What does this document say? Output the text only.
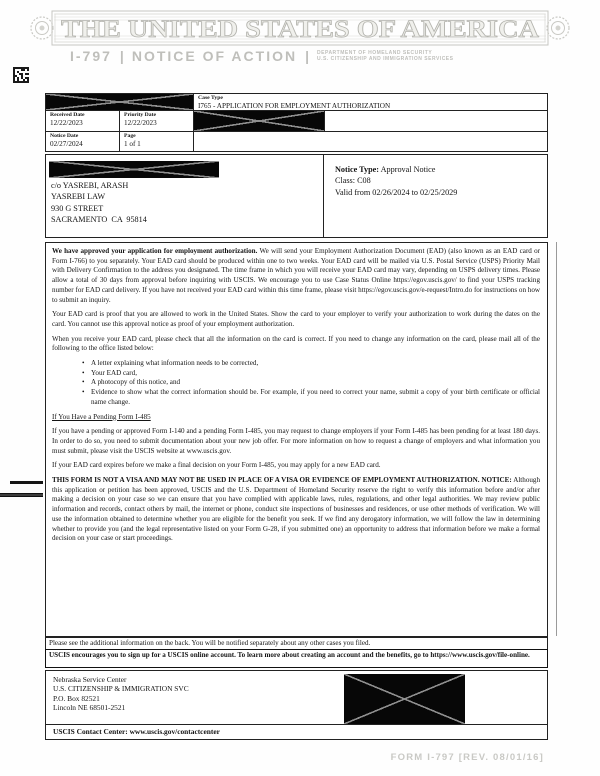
THE UNITED STATES OF AMERICA
I-797 | NOTICE OF ACTION | DEPARTMENT OF HOMELAND SECURITY
U.S. CITIZENSHIP AND IMMIGRATION SERVICES
Case Type
I765 - APPLICATION FOR EMPLOYMENT AUTHORIZATION
Received Date
12/22/2023
Priority Date
12/22/2023
Notice Date
02/27/2024
Page
1 of 1
c/o YASREBI, ARASH
YASREBI LAW
930 G STREET
SACRAMENTO  CA  95814
Notice Type: Approval Notice
Class: C08
Valid from 02/26/2024 to 02/25/2029

We have approved your application for employment authorization. We will send your Employment Authorization Document (EAD) (also known as an EAD card or Form I-766) to you separately. Your EAD card should be produced within one to two weeks. Your EAD card will be mailed via U.S. Postal Service (USPS) Priority Mail with Delivery Confirmation to the address you designated. The time frame in which you will receive your EAD card may vary, depending on USPS delivery times. Please allow a total of 30 days from approval before inquiring with USCIS. We encourage you to use Case Status Online https://egov.uscis.gov/ to find your USPS tracking number for EAD card delivery. If you have not received your EAD card within this time frame, please visit https://egov.uscis.gov/e-request/Intro.do for instructions on how to submit an inquiry.

Your EAD card is proof that you are allowed to work in the United States. Show the card to your employer to verify your authorization to work during the dates on the card. You cannot use this approval notice as proof of your employment authorization.

When you receive your EAD card, please check that all the information on the card is correct. If you need to change any information on the card, please mail all of the following to the office listed below:

• A letter explaining what information needs to be corrected,
• Your EAD card,
• A photocopy of this notice, and
• Evidence to show what the correct information should be. For example, if you need to correct your name, submit a copy of your birth certificate or official name change.
If You Have a Pending Form I-485

If you have a pending or approved Form I-140 and a pending Form I-485, you may request to change employers if your Form I-485 has been pending for at least 180 days. In order to do so, you need to submit documentation about your new job offer. For more information on how to request a change of employers and what information you must submit, please visit the USCIS website at www.uscis.gov.

If your EAD card expires before we make a final decision on your Form I-485, you may apply for a new EAD card.

THIS FORM IS NOT A VISA AND MAY NOT BE USED IN PLACE OF A VISA OR EVIDENCE OF EMPLOYMENT AUTHORIZATION. NOTICE: Although this application or petition has been approved, USCIS and the U.S. Department of Homeland Security reserve the right to verify this information before and/or after making a decision on your case so we can ensure that you have complied with applicable laws, rules, regulations, and other legal authorities. We may review public information and records, contact others by mail, the internet or phone, conduct site inspections of businesses and residences, or use other methods of verification. We will use the information obtained to determine whether you are eligible for the benefit you seek. If we find any derogatory information, we will follow the law in determining whether to provide you (and the legal representative listed on your Form G-28, if you submitted one) an opportunity to address that information before we make a formal decision on your case or start proceedings.

Please see the additional information on the back. You will be notified separately about any other cases you filed.
USCIS encourages you to sign up for a USCIS online account. To learn more about creating an account and the benefits, go to https://www.uscis.gov/file-online.
Nebraska Service Center
U.S. CITIZENSHIP & IMMIGRATION SVC
P.O. Box 82521
Lincoln NE 68501-2521
USCIS Contact Center: www.uscis.gov/contactcenter
FORM I-797 [REV. 08/01/16]
